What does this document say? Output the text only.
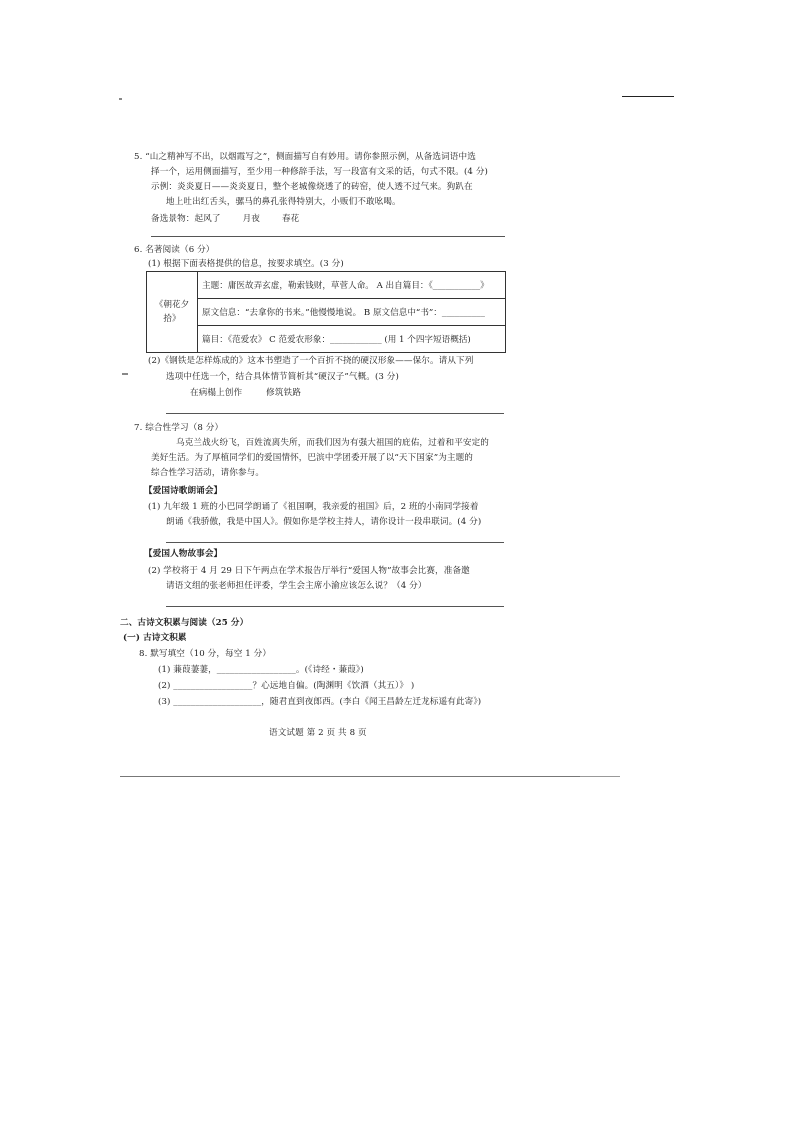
5. “山之精神写不出，以烟霞写之”，侧面描写自有妙用。请你参照示例，从备选词语中选
择一个，运用侧面描写，至少用一种修辞手法，写一段富有文采的话，句式不限。(4 分)
示例：炎炎夏日——炎炎夏日，整个老城像烧透了的砖窑，使人透不过气来。狗趴在
地上吐出红舌头，骡马的鼻孔张得特别大，小贩们不敢吆喝。
备选景物：起风了	月夜	春花
6. 名著阅读（6 分）
(1) 根据下面表格提供的信息，按要求填空。(3 分)
《朝花夕拾》	主题：庸医故弄玄虚，勒索钱财，草菅人命。 A 出自篇目：《___________》
原文信息：“去拿你的书来。”他慢慢地说。 B 原文信息中“书”：__________
篇目：《范爱农》 C 范爱农形象：____________ (用 1 个四字短语概括)
(2)《钢铁是怎样炼成的》这本书塑造了一个百折不挠的硬汉形象——保尔。请从下列
选项中任选一个，结合具体情节简析其“硬汉子”气概。(3 分)
在病榻上创作	修筑铁路
7. 综合性学习（8 分）
乌克兰战火纷飞，百姓流离失所，而我们因为有强大祖国的庇佑，过着和平安定的
美好生活。为了厚植同学们的爱国情怀，巴滨中学团委开展了以“天下国家”为主题的
综合性学习活动，请你参与。
【爱国诗歌朗诵会】
(1) 九年级 1 班的小巴同学朗诵了《祖国啊，我亲爱的祖国》后，2 班的小南同学接着
朗诵《我骄傲，我是中国人》。假如你是学校主持人，请你设计一段串联词。(4 分)
【爱国人物故事会】
(2) 学校将于 4 月 29 日下午两点在学术报告厅举行“爱国人物”故事会比赛，准备邀
请语文组的张老师担任评委，学生会主席小渝应该怎么说？（4 分）
二、古诗文积累与阅读（25 分）
(一) 古诗文积累
8. 默写填空（10 分，每空 1 分）
(1) 蒹葭萋萋，__________________。(《诗经・蒹葭》)
(2) __________________？心远地自偏。(陶渊明《饮酒（其五）》 )
(3) ____________________，随君直到夜郎西。(李白《闻王昌龄左迁龙标遥有此寄》)
语文试题 第 2 页 共 8 页
